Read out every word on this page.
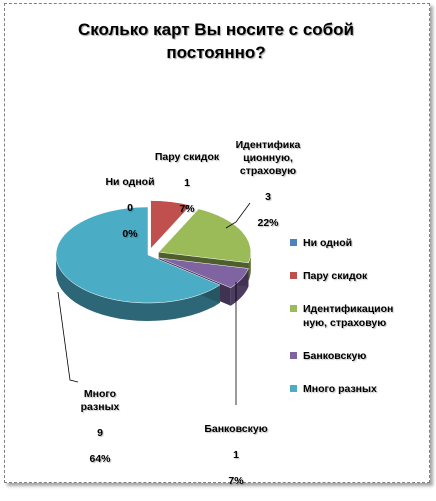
Сколько карт Вы носите с собой постоянно?

Ни одной

0

0%

Пару скидок

1

7%

Идентифика
ционную,
страховую

3

22%

Банковскую

1

7%

Много
разных

9

64%

Ни одной
Пару скидок
Идентификацион
ную, страховую
Банковскую
Много разных
